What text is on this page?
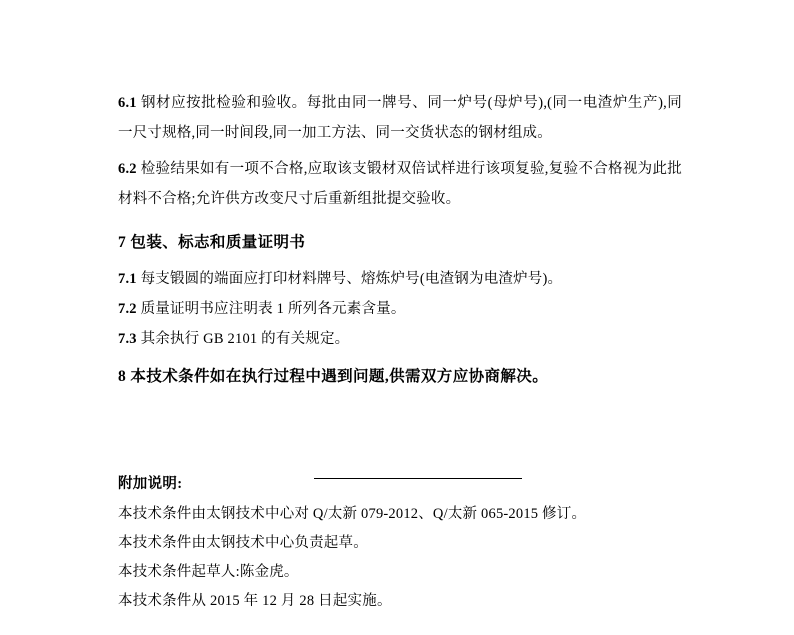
6.1 钢材应按批检验和验收。每批由同一牌号、同一炉号(母炉号),(同一电渣炉生产),同一尺寸规格,同一时间段,同一加工方法、同一交货状态的钢材组成。

6.2 检验结果如有一项不合格,应取该支锻材双倍试样进行该项复验,复验不合格视为此批材料不合格;允许供方改变尺寸后重新组批提交验收。

7 包装、标志和质量证明书

7.1 每支锻圆的端面应打印材料牌号、熔炼炉号(电渣钢为电渣炉号)。

7.2 质量证明书应注明表 1 所列各元素含量。

7.3 其余执行 GB 2101 的有关规定。

8 本技术条件如在执行过程中遇到问题,供需双方应协商解决。

附加说明:

本技术条件由太钢技术中心对 Q/太新 079-2012、Q/太新 065-2015 修订。

本技术条件由太钢技术中心负责起草。

本技术条件起草人:陈金虎。

本技术条件从 2015 年 12 月 28 日起实施。
